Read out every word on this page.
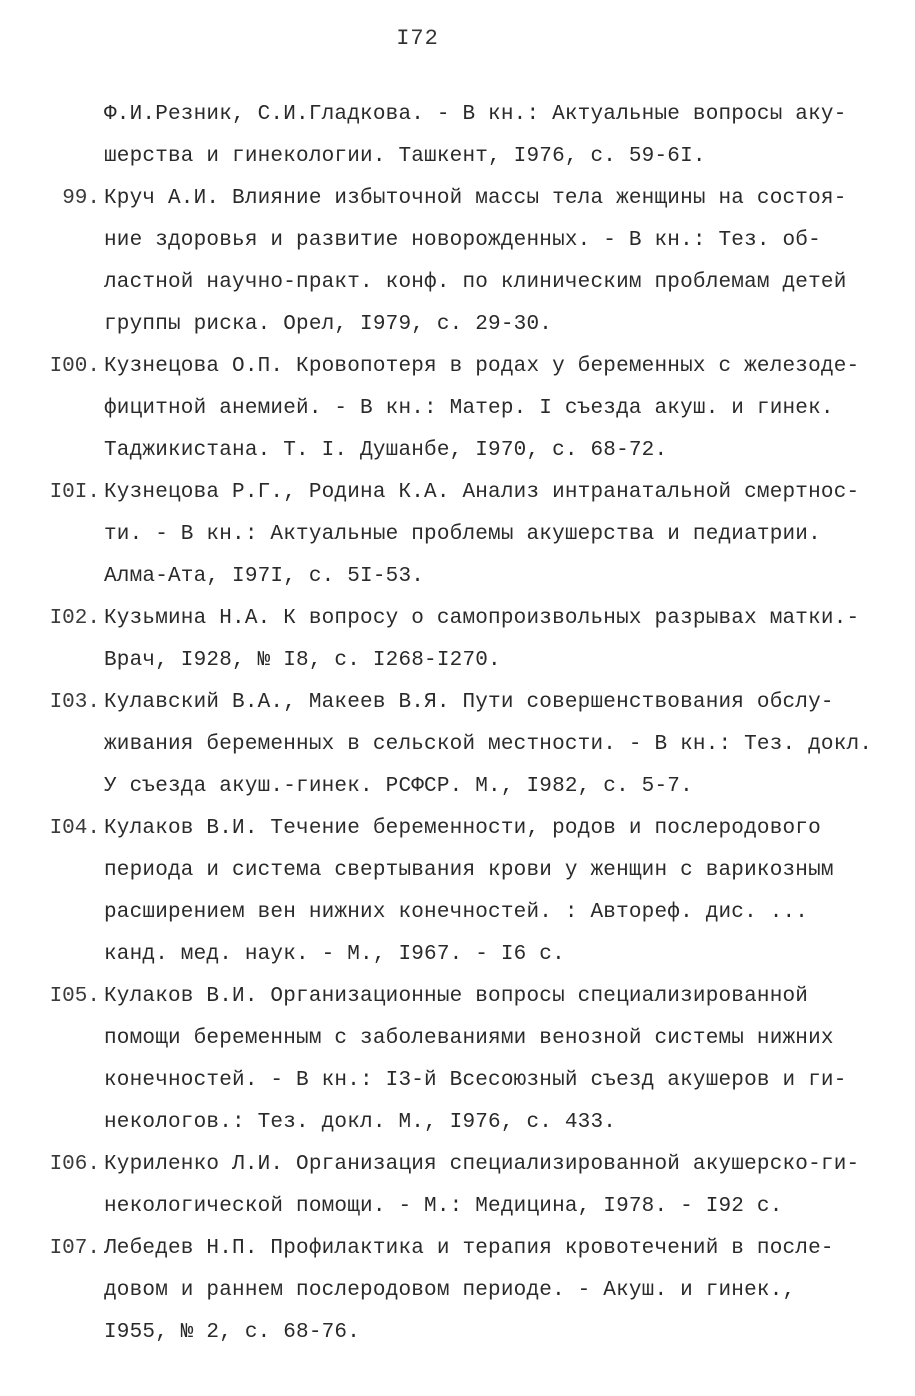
I72
Ф.И.Резник, С.И.Гладкова. - В кн.: Актуальные вопросы аку-
шерства и гинекологии. Ташкент, I976, с. 59-6I.
99. Круч А.И. Влияние избыточной массы тела женщины на состоя-
ние здоровья и развитие новорожденных. - В кн.: Тез. об-
ластной научно-практ. конф. по клиническим проблемам детей
группы риска. Орел, I979, с. 29-30.
I00. Кузнецова О.П. Кровопотеря в родах у беременных с железоде-
фицитной анемией. - В кн.: Матер. I съезда акуш. и гинек.
Таджикистана. Т. I. Душанбе, I970, с. 68-72.
I0I. Кузнецова Р.Г., Родина К.А. Анализ интранатальной смертнос-
ти. - В кн.: Актуальные проблемы акушерства и педиатрии.
Алма-Ата, I97I, с. 5I-53.
I02. Кузьмина Н.А. К вопросу о самопроизвольных разрывах матки.-
Врач, I928, № I8, с. I268-I270.
I03. Кулавский В.А., Макеев В.Я. Пути совершенствования обслу-
живания беременных в сельской местности. - В кн.: Тез. докл.
У съезда акуш.-гинек. РСФСР. М., I982, с. 5-7.
I04. Кулаков В.И. Течение беременности, родов и послеродового
периода и система свертывания крови у женщин с варикозным
расширением вен нижних конечностей. : Автореф. дис. ...
канд. мед. наук. - М., I967. - I6 с.
I05. Кулаков В.И. Организационные вопросы специализированной
помощи беременным с заболеваниями венозной системы нижних
конечностей. - В кн.: I3-й Всесоюзный съезд акушеров и ги-
некологов.: Тез. докл. М., I976, с. 433.
I06. Куриленко Л.И. Организация специализированной акушерско-ги-
некологической помощи. - М.: Медицина, I978. - I92 с.
I07. Лебедев Н.П. Профилактика и терапия кровотечений в после-
довом и раннем послеродовом периоде. - Акуш. и гинек.,
I955, № 2, с. 68-76.
